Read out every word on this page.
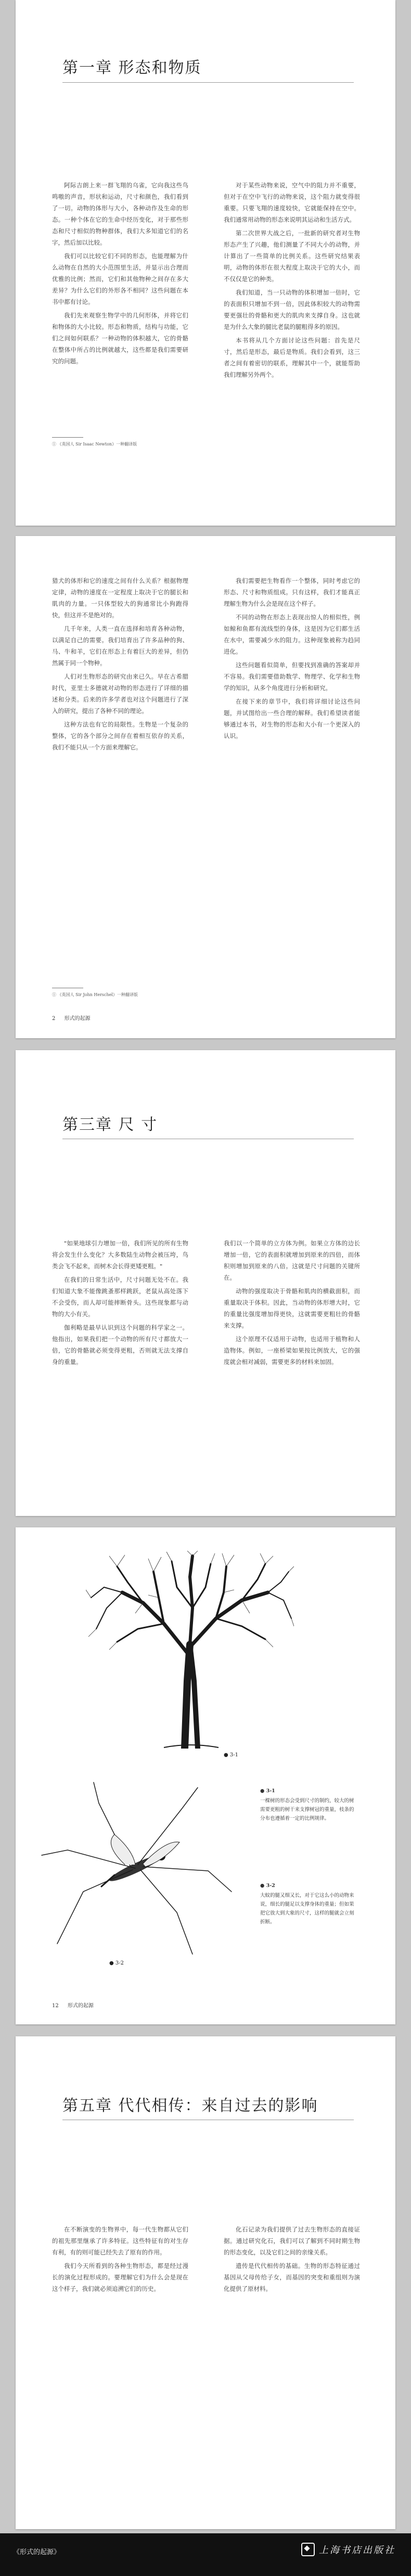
第一章 形态和物质

阿际吉朗上来一群飞翔的乌雀，它向我这些鸟鸣嗷的声音，形状和运动，尺寸和颜色，我们看到了一切。动物的体形与大小，各种动作及生命的形态。一种个体在它的生命中经历变化，对于那些形态和尺寸相似的物种群体，我们大多知道它们的名字，然后加以比较。

我们可以比较它们不同的形态，也能理解为什么动物在自然的大小范围里生活，并显示出合理而优雅的比例；然而，它们和其他物种之间存在多大差异？为什么它们的外形各不相同？这些问题在本书中都有讨论。

我们先来观察生物学中的几何形体，并将它们和物体的大小比较。形态和物质，结构与功能，它们之间如何联系？一种动物的体积越大，它的骨骼在整体中所占的比例就越大，这些都是我们需要研究的问题。

对于某些动物来说，空气中的阻力并不重要，但对于在空中飞行的动物来说，这个阻力就变得很重要。只要飞翔的速度较快，它就能保持在空中。我们通常用动物的形态来说明其运动和生活方式。

第二次世界大战之后，一批新的研究者对生物形态产生了兴趣，他们测量了不同大小的动物，并计算出了一些简单的比例关系。这些研究结果表明，动物的体形在很大程度上取决于它的大小，而不仅仅是它的种类。

我们知道，当一只动物的体积增加一倍时，它的表面积只增加不到一倍，因此体积较大的动物需要更强壮的骨骼和更大的肌肉来支撑自身。这也就是为什么大象的腿比老鼠的腿粗得多的原因。

本书将从几个方面讨论这些问题：首先是尺寸，然后是形态，最后是物质。我们会看到，这三者之间有着密切的联系，理解其中一个，就能帮助我们理解另外两个。

① 《英国人 Sir Isaac Newton》一种翻译版

猎犬的体形和它的速度之间有什么关系？根据物理定律，动物的速度在一定程度上取决于它的腿长和肌肉的力量。一只体型较大的狗通常比小狗跑得快，但这并不是绝对的。

几千年来，人类一直在选择和培育各种动物，以满足自己的需要。我们培育出了许多品种的狗、马、牛和羊，它们在形态上有着巨大的差异，但仍然属于同一个物种。

人们对生物形态的研究由来已久。早在古希腊时代，亚里士多德就对动物的形态进行了详细的描述和分类。后来的许多学者也对这个问题进行了深入的研究，提出了各种不同的理论。

这种方法也有它的局限性。生物是一个复杂的整体，它的各个部分之间存在着相互依存的关系，我们不能只从一个方面来理解它。

我们需要把生物看作一个整体，同时考虑它的形态、尺寸和物质组成。只有这样，我们才能真正理解生物为什么会是现在这个样子。

不同的动物在形态上表现出惊人的相似性，例如鲸和鱼都有流线型的身体，这是因为它们都生活在水中，需要减少水的阻力。这种现象被称为趋同进化。

这些问题看似简单，但要找到准确的答案却并不容易。我们需要借助数学、物理学、化学和生物学的知识，从多个角度进行分析和研究。

在接下来的章节中，我们将详细讨论这些问题，并试图给出一些合理的解释。我们希望读者能够通过本书，对生物的形态和大小有一个更深入的认识。

① 《英国人 Sir John Herschel》一种翻译版
2 形式的起源
第三章 尺 寸

"如果地球引力增加一倍，我们所见的所有生物将会发生什么变化？大多数陆生动物会被压垮，鸟类会飞不起来，而树木会长得更矮更粗。"

在我们的日常生活中，尺寸问题无处不在。我们知道大象不能像跳蚤那样跳跃，老鼠从高处落下不会受伤，而人却可能摔断骨头。这些现象都与动物的大小有关。

伽利略是最早认识到这个问题的科学家之一。他指出，如果我们把一个动物的所有尺寸都放大一倍，它的骨骼就必须变得更粗，否则就无法支撑自身的重量。

我们以一个简单的立方体为例。如果立方体的边长增加一倍，它的表面积就增加到原来的四倍，而体积则增加到原来的八倍。这就是尺寸问题的关键所在。

动物的强度取决于骨骼和肌肉的横截面积，而重量取决于体积。因此，当动物的体形增大时，它的重量比强度增加得更快，这就需要更粗壮的骨骼来支撑。

这个原理不仅适用于动物，也适用于植物和人造物体。例如，一座桥梁如果按比例放大，它的强度就会相对减弱，需要更多的材料来加固。

● 3-1
● 3-2
● 3-1
一棵树的形态会受到尺寸的制约，较大的树需要更粗的树干来支撑树冠的重量，枝条的分布也遵循着一定的比例规律。
● 3-2
大蚊的腿又细又长，对于它这么小的动物来说，细长的腿足以支撑身体的重量；但如果把它放大到大象的尺寸，这样的腿就会立刻折断。
12 形式的起源
第五章 代代相传：来自过去的影响

在不断演变的生物界中，每一代生物都从它们的祖先那里继承了许多特征。这些特征有的对生存有利，有的则可能已经失去了原有的作用。

我们今天所看到的各种生物形态，都是经过漫长的演化过程形成的。要理解它们为什么会是现在这个样子，我们就必须追溯它们的历史。

化石记录为我们提供了过去生物形态的直接证据。通过研究化石，我们可以了解到不同时期生物的形态变化，以及它们之间的亲缘关系。

遗传是代代相传的基础。生物的形态特征通过基因从父母传给子女，而基因的突变和重组则为演化提供了原材料。

《形式的起源》	上海书店出版社
